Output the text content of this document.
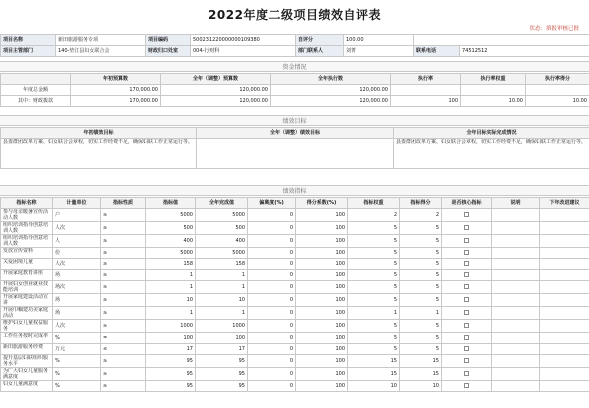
2022年度二级项目绩效自评表
状态：填报审核已批
项目名称	新田旅游服务专项	项目编码	500231220000000109380	自评分	100.00		
项目主管部门	140-垫江县妇女联合会	财政归口处室	004-行财科	部门联系人	刘菁	联系电话	74512512
资金情况
	年初预算数	全年（调整）预算数	全年执行数	执行率	执行率权重	执行率得分
年度总金额	170,000.00	120,000.00	120,000.00			
其中：财政拨款	170,000.00	120,000.00	120,000.00	100	10.00	10.00
绩效目标
年初绩效目标	全年（调整）绩效目标	全年目标实际完成情况
县委群团改革方案、妇女联合会章程，切实工作经费不足，确保妇联工作正常运行等。		县委群团改革方案、妇女联合会章程，切实工作经费不足，确保妇联工作正常运行等。
绩效指标
指标名称	计量单位	指标性质	指标值	全年完成值	偏离度(%)	得分系数(%)	指标权重	指标得分	是否核心指标	说明	下年改进建议
参与母亲暖暑宣传活动人数	户	≥	5000	5000	0	100	2	2			
组织培训指导创意培训人数	人次	≥	500	500	0	100	5	5			
组织培训指导创意培训人数	人	≥	400	400	0	100	5	5			
发放宣传资料	份	≥	5000	5000	0	100	5	5			
关爱困境儿童	人次	≥	158	158	0	100	5	5			
开展家庭教育讲座	场	≥	1	1	0	100	5	5			
开展妇女创业就业技能培训	场次	≥	1	1	0	100	5	5			
开展家庭建设活动宣讲	场	≥	10	10	0	100	5	5			
开展巾帼建功美家庭活动	场	≥	1	1	0	100	1	1			
维护妇女儿童权益服务	人次	≥	1000	1000	0	100	5	5			
工作任务按时完成率	%	=	100	100	0	100	5	5			
新田旅游服务经费	万元	≤	17	17	0	100	5	5			
提升基层妇联组织服务水平	%	≥	95	95	0	100	15	15			
为广大妇女儿童服务满意度	%	≥	95	95	0	100	15	15			
妇女儿童满意度	%	≥	95	95	0	100	10	10			
